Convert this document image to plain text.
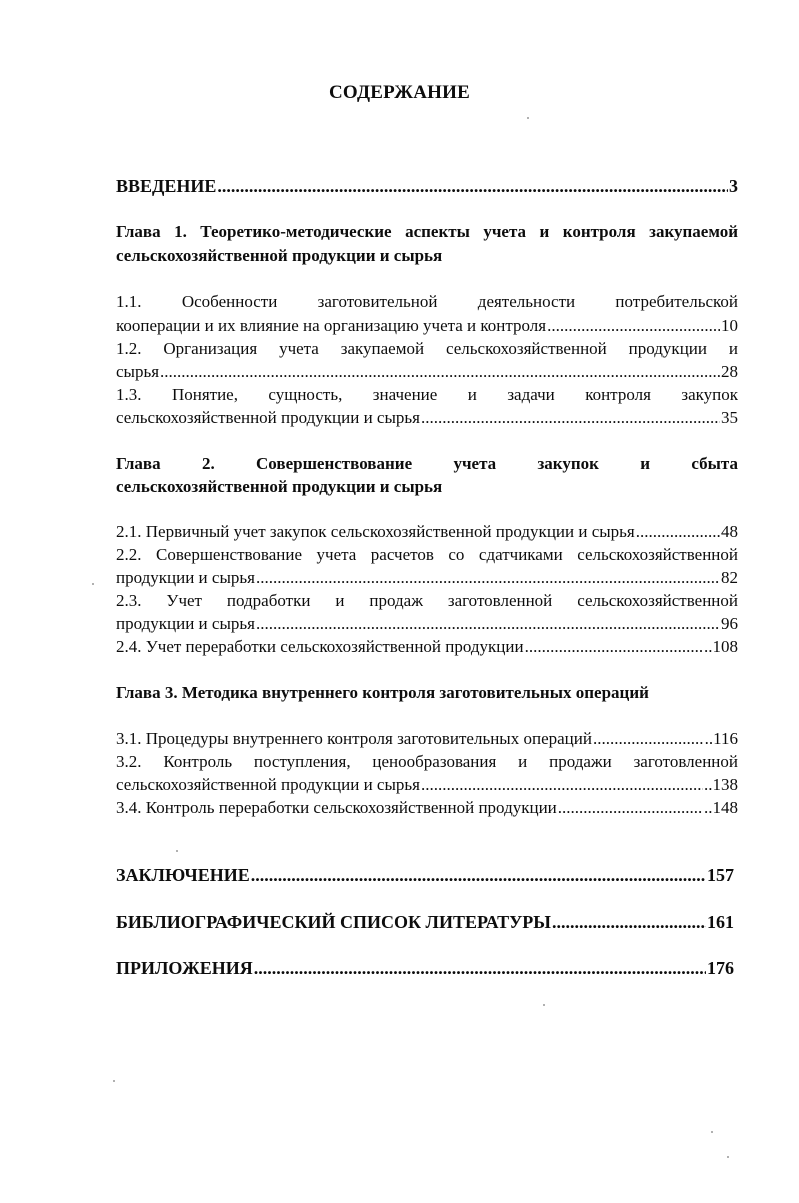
СОДЕРЖАНИЕ
ВВЕДЕНИЕ .....	3
Глава 1. Теоретико-методические аспекты учета и контроля закупаемой
сельскохозяйственной продукции и сырья
1.1. Особенности заготовительной деятельности потребительской
кооперации и их влияние на организацию учета и контроля .....	10
1.2. Организация учета закупаемой сельскохозяйственной продукции и
сырья .....	..28
1.3. Понятие, сущность, значение и задачи контроля закупок
сельскохозяйственной продукции и сырья .....	35
Глава 2. Совершенствование учета закупок и сбыта
сельскохозяйственной продукции и сырья
2.1. Первичный учет закупок сельскохозяйственной продукции и сырья .....	48
2.2. Совершенствование учета расчетов со сдатчиками сельскохозяйственной
продукции и сырья .....	82
2.3. Учет подработки и продаж заготовленной сельскохозяйственной
продукции и сырья .....	96
2.4. Учет переработки сельскохозяйственной продукции .....	..108
Глава 3. Методика внутреннего контроля заготовительных операций
3.1. Процедуры внутреннего контроля заготовительных операций .....	..116
3.2. Контроль поступления, ценообразования и продажи заготовленной
сельскохозяйственной продукции и сырья .....	..138
3.4. Контроль переработки сельскохозяйственной продукции .....	..148
ЗАКЛЮЧЕНИЕ .....	157
БИБЛИОГРАФИЧЕСКИЙ СПИСОК ЛИТЕРАТУРЫ .....	161
ПРИЛОЖЕНИЯ .....	176
